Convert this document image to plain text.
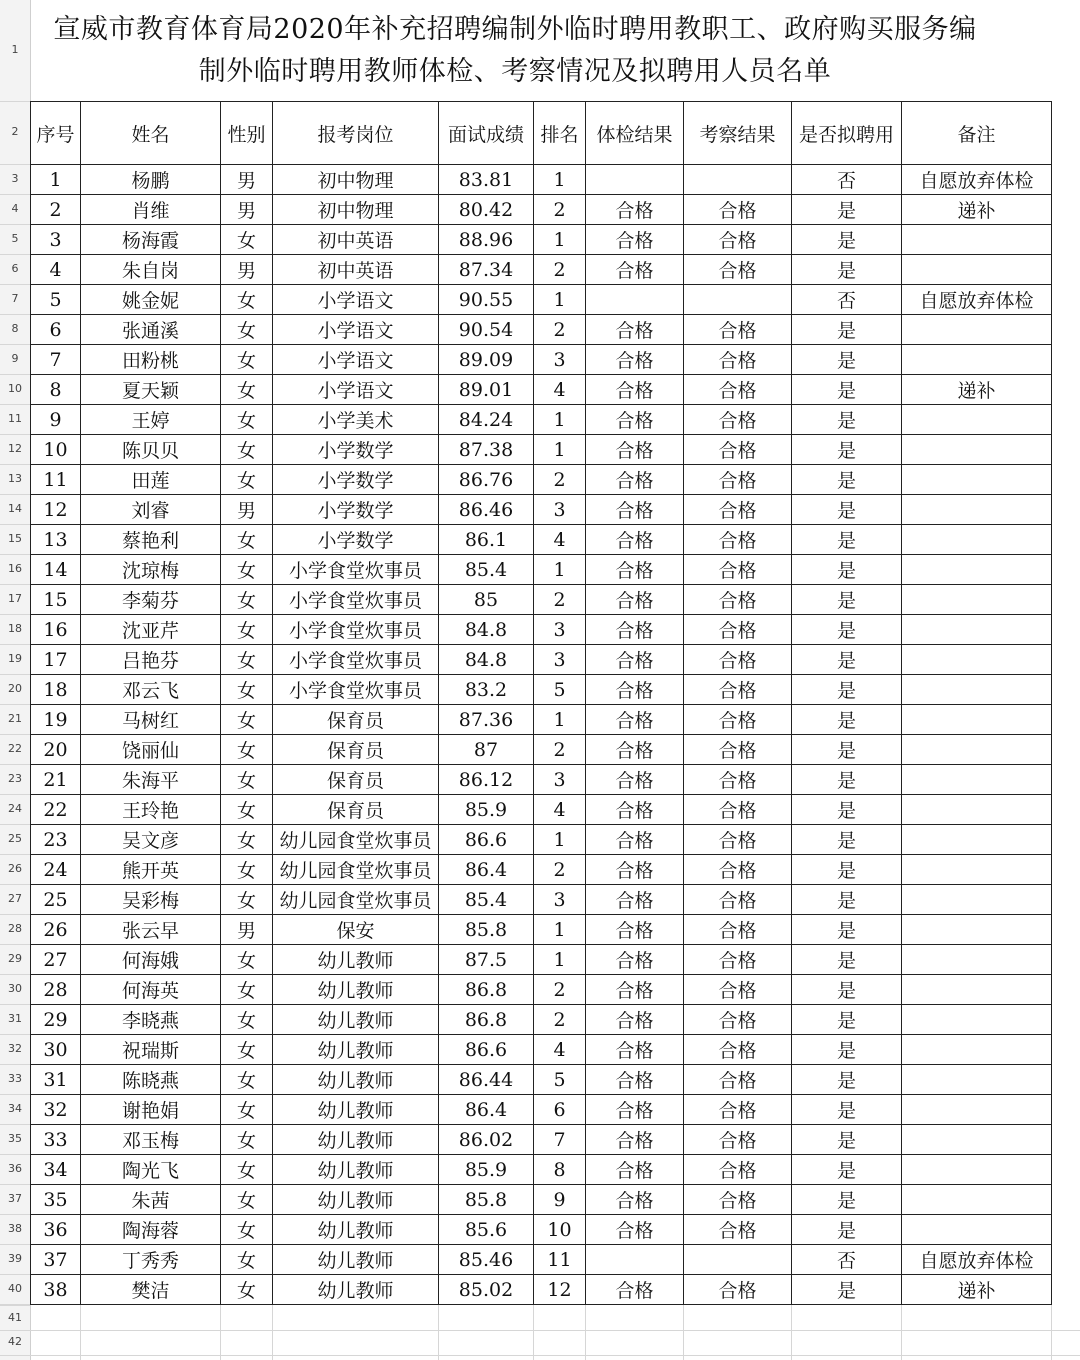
1
2
3
4
5
6
7
8
9
10
11
12
13
14
15
16
17
18
19
20
21
22
23
24
25
26
27
28
29
30
31
32
33
34
35
36
37
38
39
40
41
42
宣威市教育体育局2020年补充招聘编制外临时聘用教职工、政府购买服务编制外临时聘用教师体检、考察情况及拟聘用人员名单
序号	姓名	性别	报考岗位	面试成绩	排名	体检结果	考察结果	是否拟聘用	备注
1	杨鹏	男	初中物理	83.81	1			否	自愿放弃体检
2	肖维	男	初中物理	80.42	2	合格	合格	是	递补
3	杨海霞	女	初中英语	88.96	1	合格	合格	是	
4	朱自岗	男	初中英语	87.34	2	合格	合格	是	
5	姚金妮	女	小学语文	90.55	1			否	自愿放弃体检
6	张通溪	女	小学语文	90.54	2	合格	合格	是	
7	田粉桃	女	小学语文	89.09	3	合格	合格	是	
8	夏天颖	女	小学语文	89.01	4	合格	合格	是	递补
9	王婷	女	小学美术	84.24	1	合格	合格	是	
10	陈贝贝	女	小学数学	87.38	1	合格	合格	是	
11	田莲	女	小学数学	86.76	2	合格	合格	是	
12	刘睿	男	小学数学	86.46	3	合格	合格	是	
13	蔡艳利	女	小学数学	86.1	4	合格	合格	是	
14	沈琼梅	女	小学食堂炊事员	85.4	1	合格	合格	是	
15	李菊芬	女	小学食堂炊事员	85	2	合格	合格	是	
16	沈亚芹	女	小学食堂炊事员	84.8	3	合格	合格	是	
17	吕艳芬	女	小学食堂炊事员	84.8	3	合格	合格	是	
18	邓云飞	女	小学食堂炊事员	83.2	5	合格	合格	是	
19	马树红	女	保育员	87.36	1	合格	合格	是	
20	饶丽仙	女	保育员	87	2	合格	合格	是	
21	朱海平	女	保育员	86.12	3	合格	合格	是	
22	王玲艳	女	保育员	85.9	4	合格	合格	是	
23	吴文彦	女	幼儿园食堂炊事员	86.6	1	合格	合格	是	
24	熊开英	女	幼儿园食堂炊事员	86.4	2	合格	合格	是	
25	吴彩梅	女	幼儿园食堂炊事员	85.4	3	合格	合格	是	
26	张云早	男	保安	85.8	1	合格	合格	是	
27	何海娥	女	幼儿教师	87.5	1	合格	合格	是	
28	何海英	女	幼儿教师	86.8	2	合格	合格	是	
29	李晓燕	女	幼儿教师	86.8	2	合格	合格	是	
30	祝瑞斯	女	幼儿教师	86.6	4	合格	合格	是	
31	陈晓燕	女	幼儿教师	86.44	5	合格	合格	是	
32	谢艳娟	女	幼儿教师	86.4	6	合格	合格	是	
33	邓玉梅	女	幼儿教师	86.02	7	合格	合格	是	
34	陶光飞	女	幼儿教师	85.9	8	合格	合格	是	
35	朱茜	女	幼儿教师	85.8	9	合格	合格	是	
36	陶海蓉	女	幼儿教师	85.6	10	合格	合格	是	
37	丁秀秀	女	幼儿教师	85.46	11			否	自愿放弃体检
38	樊洁	女	幼儿教师	85.02	12	合格	合格	是	递补
